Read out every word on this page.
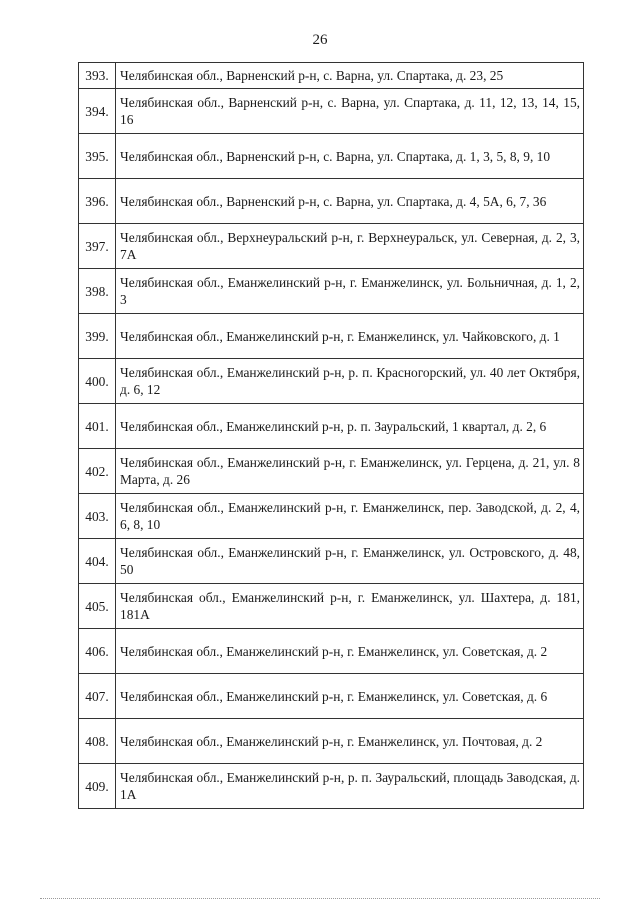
26
393.	Челябинская обл., Варненский р-н, с. Варна, ул. Спартака, д. 23, 25
394.	Челябинская обл., Варненский р-н, с. Варна, ул. Спартака, д. 11, 12, 13, 14, 15, 16
395.	Челябинская обл., Варненский р-н, с. Варна, ул. Спартака, д. 1, 3, 5, 8, 9, 10
396.	Челябинская обл., Варненский р-н, с. Варна, ул. Спартака, д. 4, 5А, 6, 7, 36
397.	Челябинская обл., Верхнеуральский р-н, г. Верхнеуральск, ул. Северная, д. 2, 3, 7А
398.	Челябинская обл., Еманжелинский р-н, г. Еманжелинск, ул. Больничная, д. 1, 2, 3
399.	Челябинская обл., Еманжелинский р-н, г. Еманжелинск, ул. Чайковского, д. 1
400.	Челябинская обл., Еманжелинский р-н, р. п. Красногорский, ул. 40 лет Октября, д. 6, 12
401.	Челябинская обл., Еманжелинский р-н, р. п. Зауральский, 1 квартал, д. 2, 6
402.	Челябинская обл., Еманжелинский р-н, г. Еманжелинск, ул. Герцена, д. 21, ул. 8 Марта, д. 26
403.	Челябинская обл., Еманжелинский р-н, г. Еманжелинск, пер. Заводской, д. 2, 4, 6, 8, 10
404.	Челябинская обл., Еманжелинский р-н, г. Еманжелинск, ул. Островского, д. 48, 50
405.	Челябинская обл., Еманжелинский р-н, г. Еманжелинск, ул. Шахтера, д. 181, 181А
406.	Челябинская обл., Еманжелинский р-н, г. Еманжелинск, ул. Советская, д. 2
407.	Челябинская обл., Еманжелинский р-н, г. Еманжелинск, ул. Советская, д. 6
408.	Челябинская обл., Еманжелинский р-н, г. Еманжелинск, ул. Почтовая, д. 2
409.	Челябинская обл., Еманжелинский р-н, р. п. Зауральский, площадь Заводская, д. 1А
